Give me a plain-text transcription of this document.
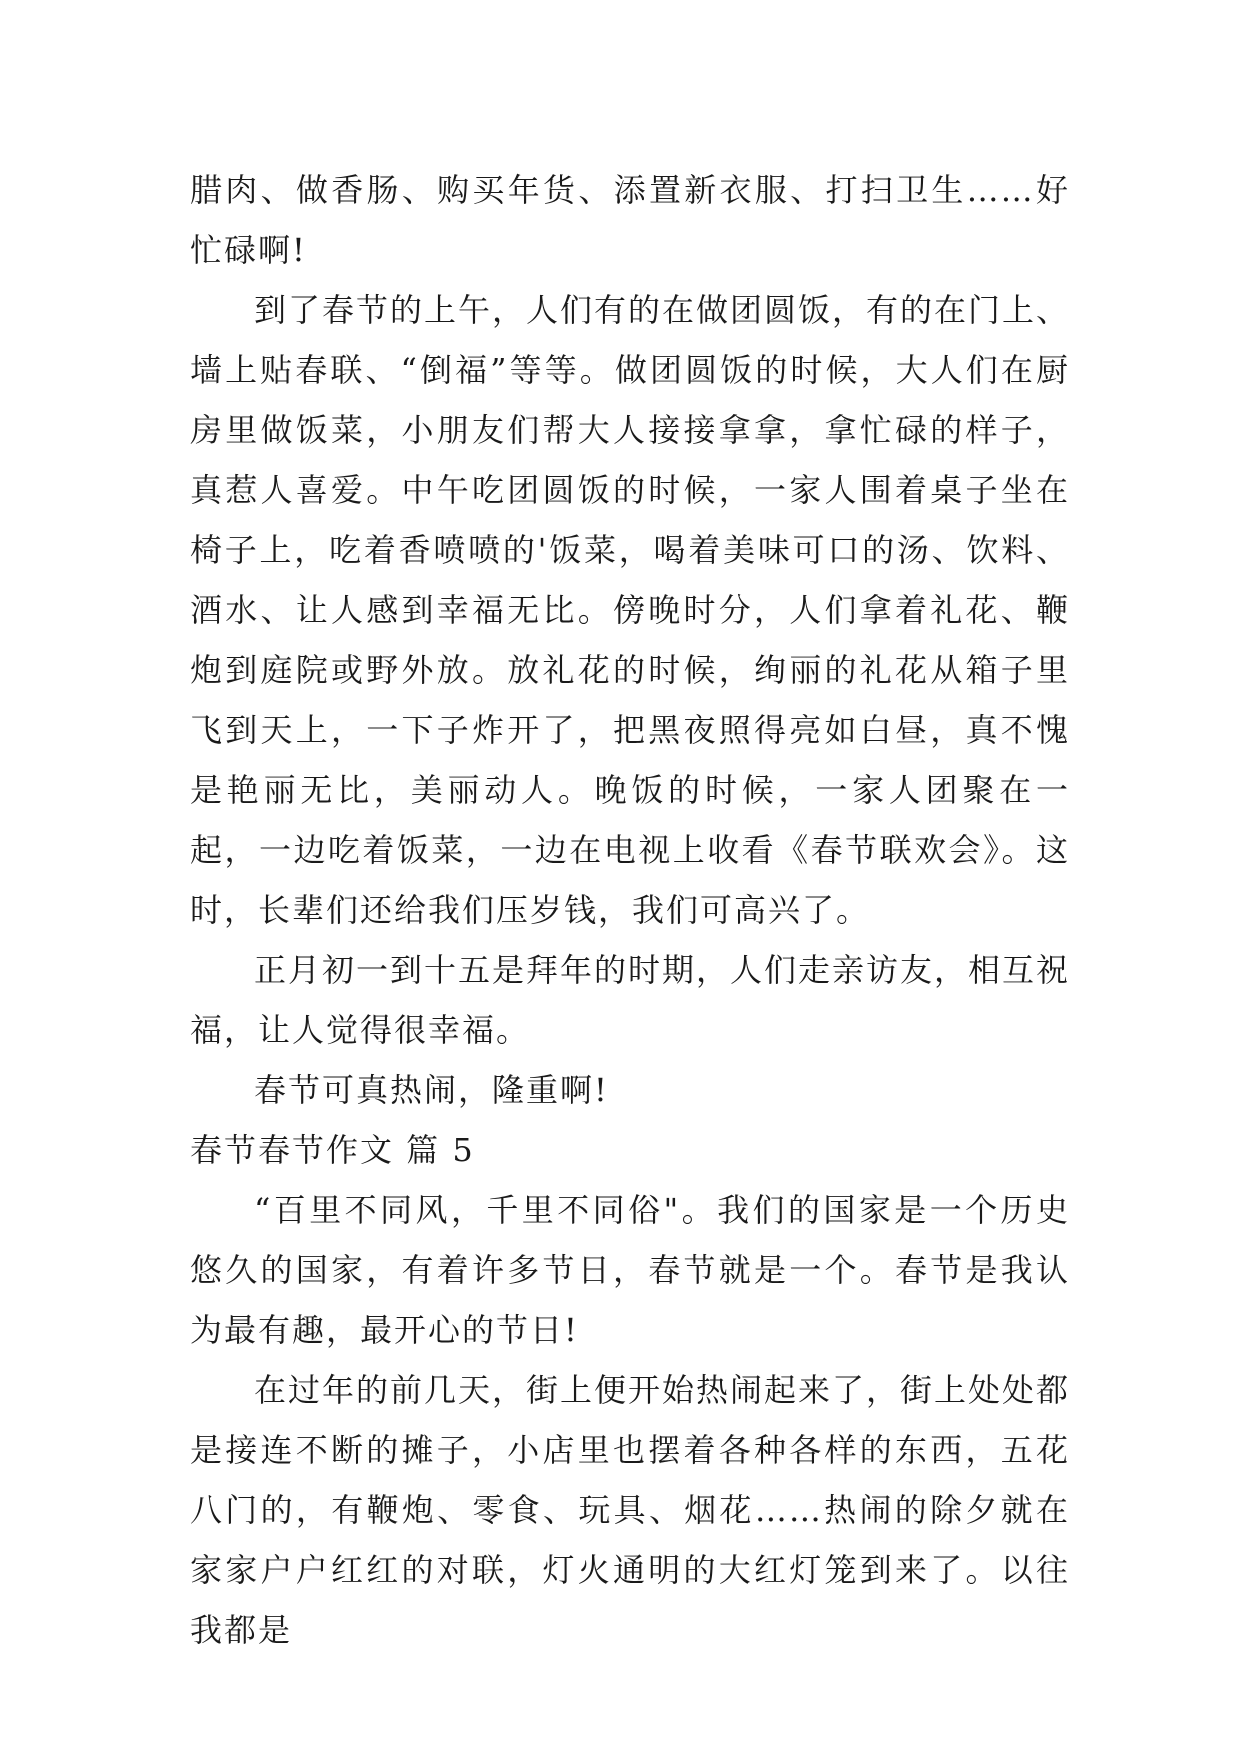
腊肉、做香肠、购买年货、添置新衣服、打扫卫生……好忙碌啊!

到了春节的上午，人们有的在做团圆饭，有的在门上、墙上贴春联、“倒福”等等。做团圆饭的时候，大人们在厨房里做饭菜，小朋友们帮大人接接拿拿，拿忙碌的样子，真惹人喜爱。中午吃团圆饭的时候，一家人围着桌子坐在椅子上，吃着香喷喷的'饭菜，喝着美味可口的汤、饮料、酒水、让人感到幸福无比。傍晚时分，人们拿着礼花、鞭炮到庭院或野外放。放礼花的时候，绚丽的礼花从箱子里飞到天上，一下子炸开了，把黑夜照得亮如白昼，真不愧是艳丽无比，美丽动人。晚饭的时候，一家人团聚在一起，一边吃着饭菜，一边在电视上收看《春节联欢会》。这时，长辈们还给我们压岁钱，我们可高兴了。

正月初一到十五是拜年的时期，人们走亲访友，相互祝福，让人觉得很幸福。

春节可真热闹，隆重啊!

春节春节作文 篇 5

“百里不同风，千里不同俗"。我们的国家是一个历史悠久的国家，有着许多节日，春节就是一个。春节是我认为最有趣，最开心的节日!

在过年的前几天，街上便开始热闹起来了，街上处处都是接连不断的摊子，小店里也摆着各种各样的东西，五花八门的，有鞭炮、零食、玩具、烟花……热闹的除夕就在家家户户红红的对联，灯火通明的大红灯笼到来了。以往我都是
